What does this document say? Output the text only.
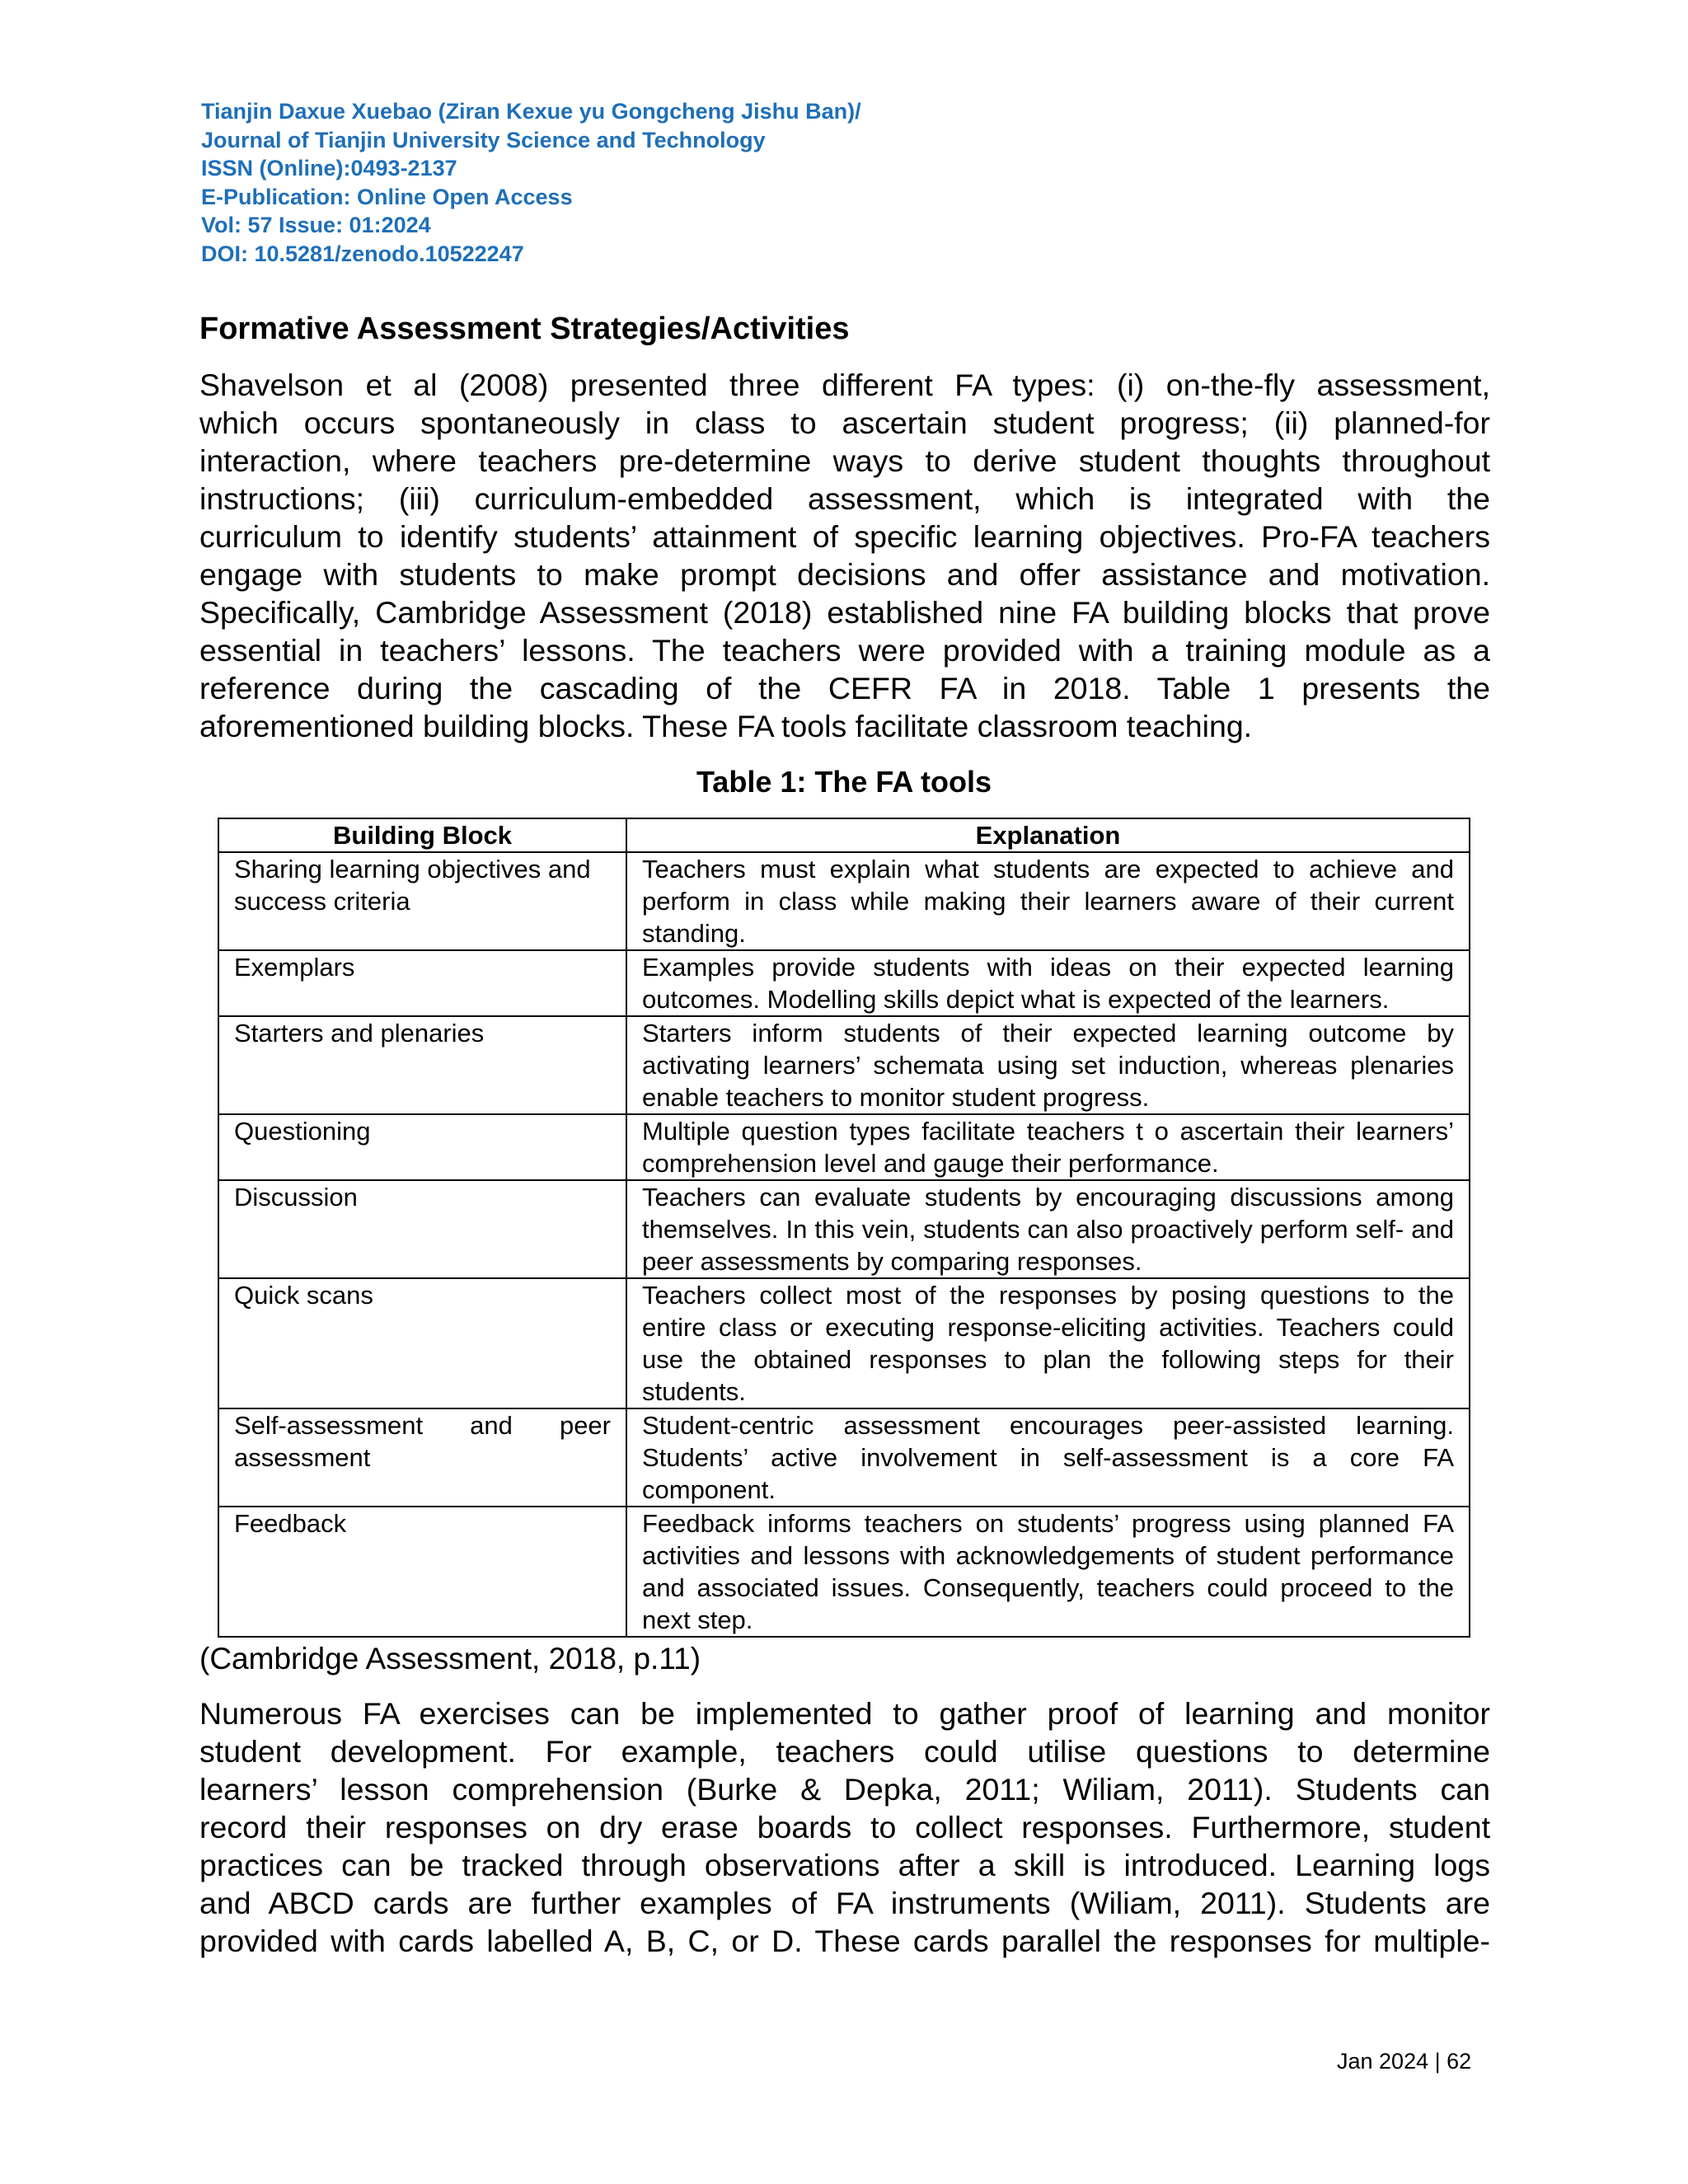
Tianjin Daxue Xuebao (Ziran Kexue yu Gongcheng Jishu Ban)/
Journal of Tianjin University Science and Technology
ISSN (Online):0493-2137
E-Publication: Online Open Access
Vol: 57 Issue: 01:2024
DOI: 10.5281/zenodo.10522247
Formative Assessment Strategies/Activities
Shavelson et al (2008) presented three different FA types: (i) on-the-fly assessment,
which occurs spontaneously in class to ascertain student progress; (ii) planned-for
interaction, where teachers pre-determine ways to derive student thoughts throughout
instructions; (iii) curriculum-embedded assessment, which is integrated with the
curriculum to identify students’ attainment of specific learning objectives. Pro-FA teachers
engage with students to make prompt decisions and offer assistance and motivation.
Specifically, Cambridge Assessment (2018) established nine FA building blocks that prove
essential in teachers’ lessons. The teachers were provided with a training module as a
reference during the cascading of the CEFR FA in 2018. Table 1 presents the
aforementioned building blocks. These FA tools facilitate classroom teaching.
Table 1: The FA tools
Building Block	Explanation
Sharing learning objectives and success criteria	Teachers must explain what students are expected to achieve and perform in class while making their learners aware of their current standing.
Exemplars	Examples provide students with ideas on their expected learning outcomes. Modelling skills depict what is expected of the learners.
Starters and plenaries	Starters inform students of their expected learning outcome by activating learners’ schemata using set induction, whereas plenaries enable teachers to monitor student progress.
Questioning	Multiple question types facilitate teachers t o ascertain their learners’ comprehension level and gauge their performance.
Discussion	Teachers can evaluate students by encouraging discussions among themselves. In this vein, students can also proactively perform self- and peer assessments by comparing responses.
Quick scans	Teachers collect most of the responses by posing questions to the entire class or executing response-eliciting activities. Teachers could use the obtained responses to plan the following steps for their students.
Self-assessment and peer assessment	Student-centric assessment encourages peer-assisted learning. Students’ active involvement in self-assessment is a core FA component.
Feedback	Feedback informs teachers on students’ progress using planned FA activities and lessons with acknowledgements of student performance and associated issues. Consequently, teachers could proceed to the next step.
(Cambridge Assessment, 2018, p.11)
Numerous FA exercises can be implemented to gather proof of learning and monitor
student development. For example, teachers could utilise questions to determine
learners’ lesson comprehension (Burke & Depka, 2011; Wiliam, 2011). Students can
record their responses on dry erase boards to collect responses. Furthermore, student
practices can be tracked through observations after a skill is introduced. Learning logs
and ABCD cards are further examples of FA instruments (Wiliam, 2011). Students are
provided with cards labelled A, B, C, or D. These cards parallel the responses for multiple-
Jan 2024 | 62
